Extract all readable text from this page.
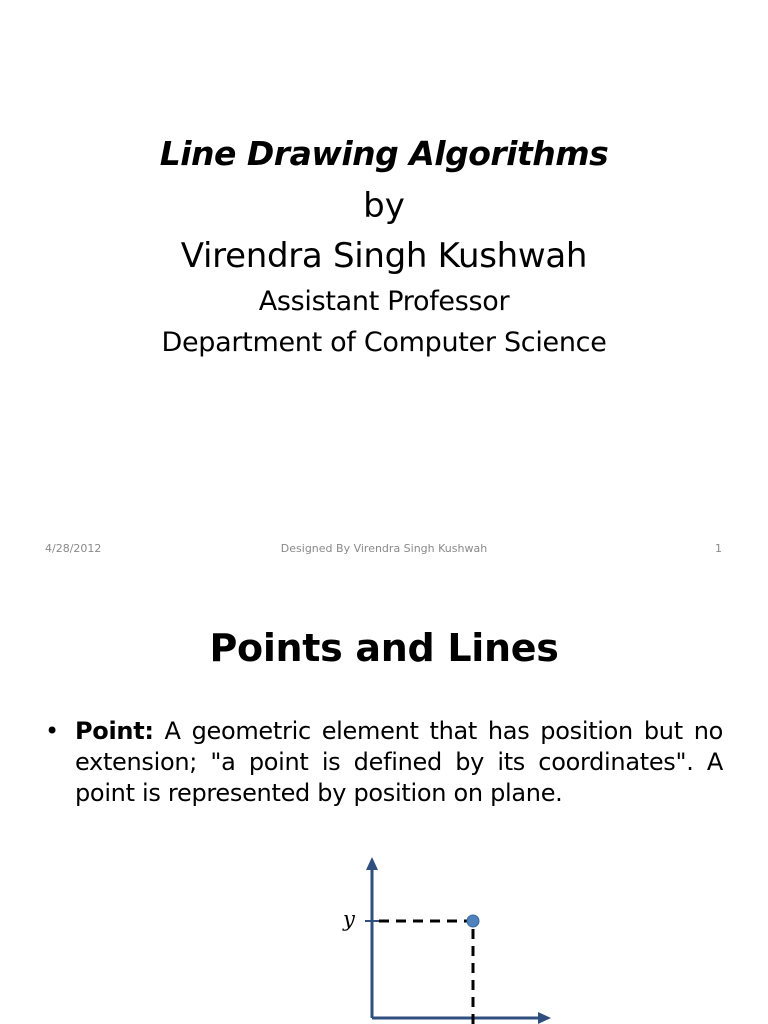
Line Drawing Algorithms
by
Virendra Singh Kushwah
Assistant Professor
Department of Computer Science
4/28/2012	Designed By Virendra Singh Kushwah	1
Points and Lines
• Point: A geometric element that has position but no extension; "a point is defined by its coordinates". A point is represented by position on plane.
y
